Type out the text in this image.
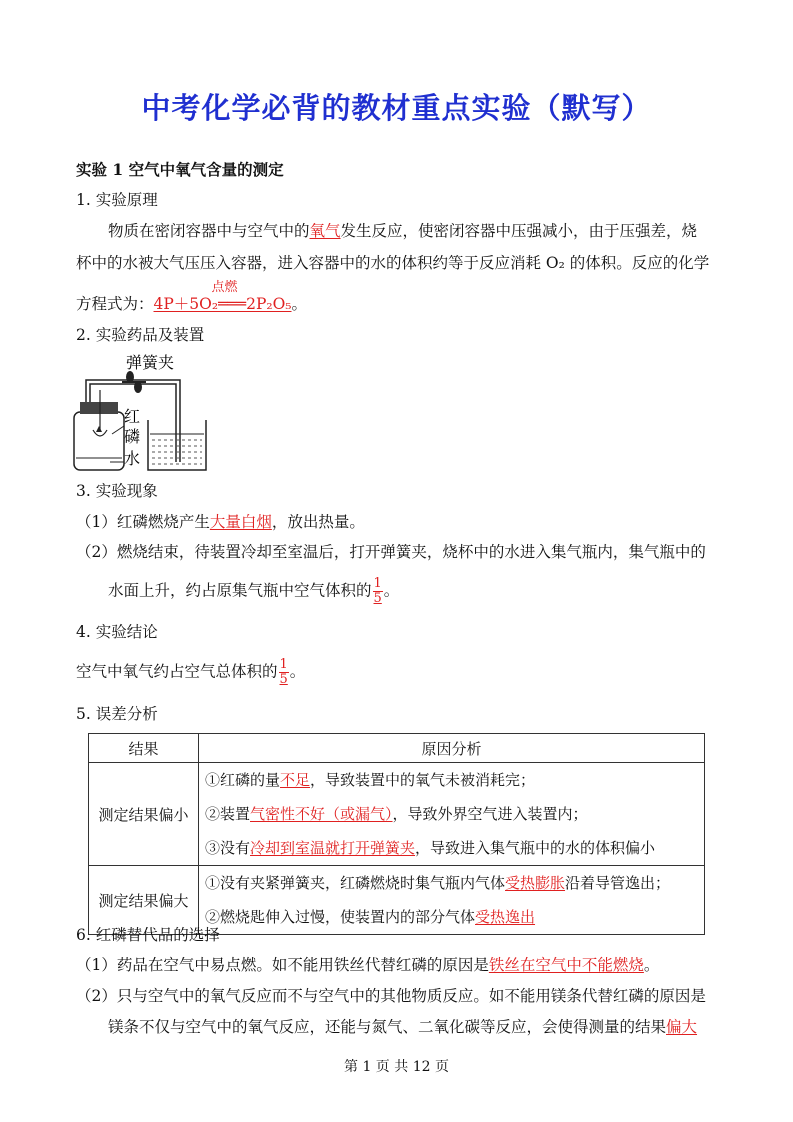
中考化学必背的教材重点实验（默写）
实验 1 空气中氧气含量的测定
1. 实验原理
物质在密闭容器中与空气中的氧气发生反应，使密闭容器中压强减小，由于压强差，烧
杯中的水被大气压压入容器，进入容器中的水的体积约等于反应消耗 O₂ 的体积。反应的化学
方程式为：
点燃
4P＋5O₂═══2P₂O₅。
2. 实验药品及装置
弹簧夹
红
磷
水
3. 实验现象
（1）红磷燃烧产生大量白烟，放出热量。
（2）燃烧结束，待装置冷却至室温后，打开弹簧夹，烧杯中的水进入集气瓶内，集气瓶中的
水面上升，约占原集气瓶中空气体积的 $\frac{1}{5}$ 。
4. 实验结论
空气中氧气约占空气总体积的 $\frac{1}{5}$ 。
5. 误差分析
结果	原因分析
测定结果偏小	①红磷的量不足，导致装置中的氧气未被消耗完；
②装置气密性不好（或漏气），导致外界空气进入装置内；
③没有冷却到室温就打开弹簧夹，导致进入集气瓶中的水的体积偏小

测定结果偏大	①没有夹紧弹簧夹，红磷燃烧时集气瓶内气体受热膨胀沿着导管逸出；
②燃烧匙伸入过慢，使装置内的部分气体受热逸出
6. 红磷替代品的选择
（1）药品在空气中易点燃。如不能用铁丝代替红磷的原因是铁丝在空气中不能燃烧。
（2）只与空气中的氧气反应而不与空气中的其他物质反应。如不能用镁条代替红磷的原因是
镁条不仅与空气中的氧气反应，还能与氮气、二氧化碳等反应，会使得测量的结果偏大
第 1 页 共 12 页
